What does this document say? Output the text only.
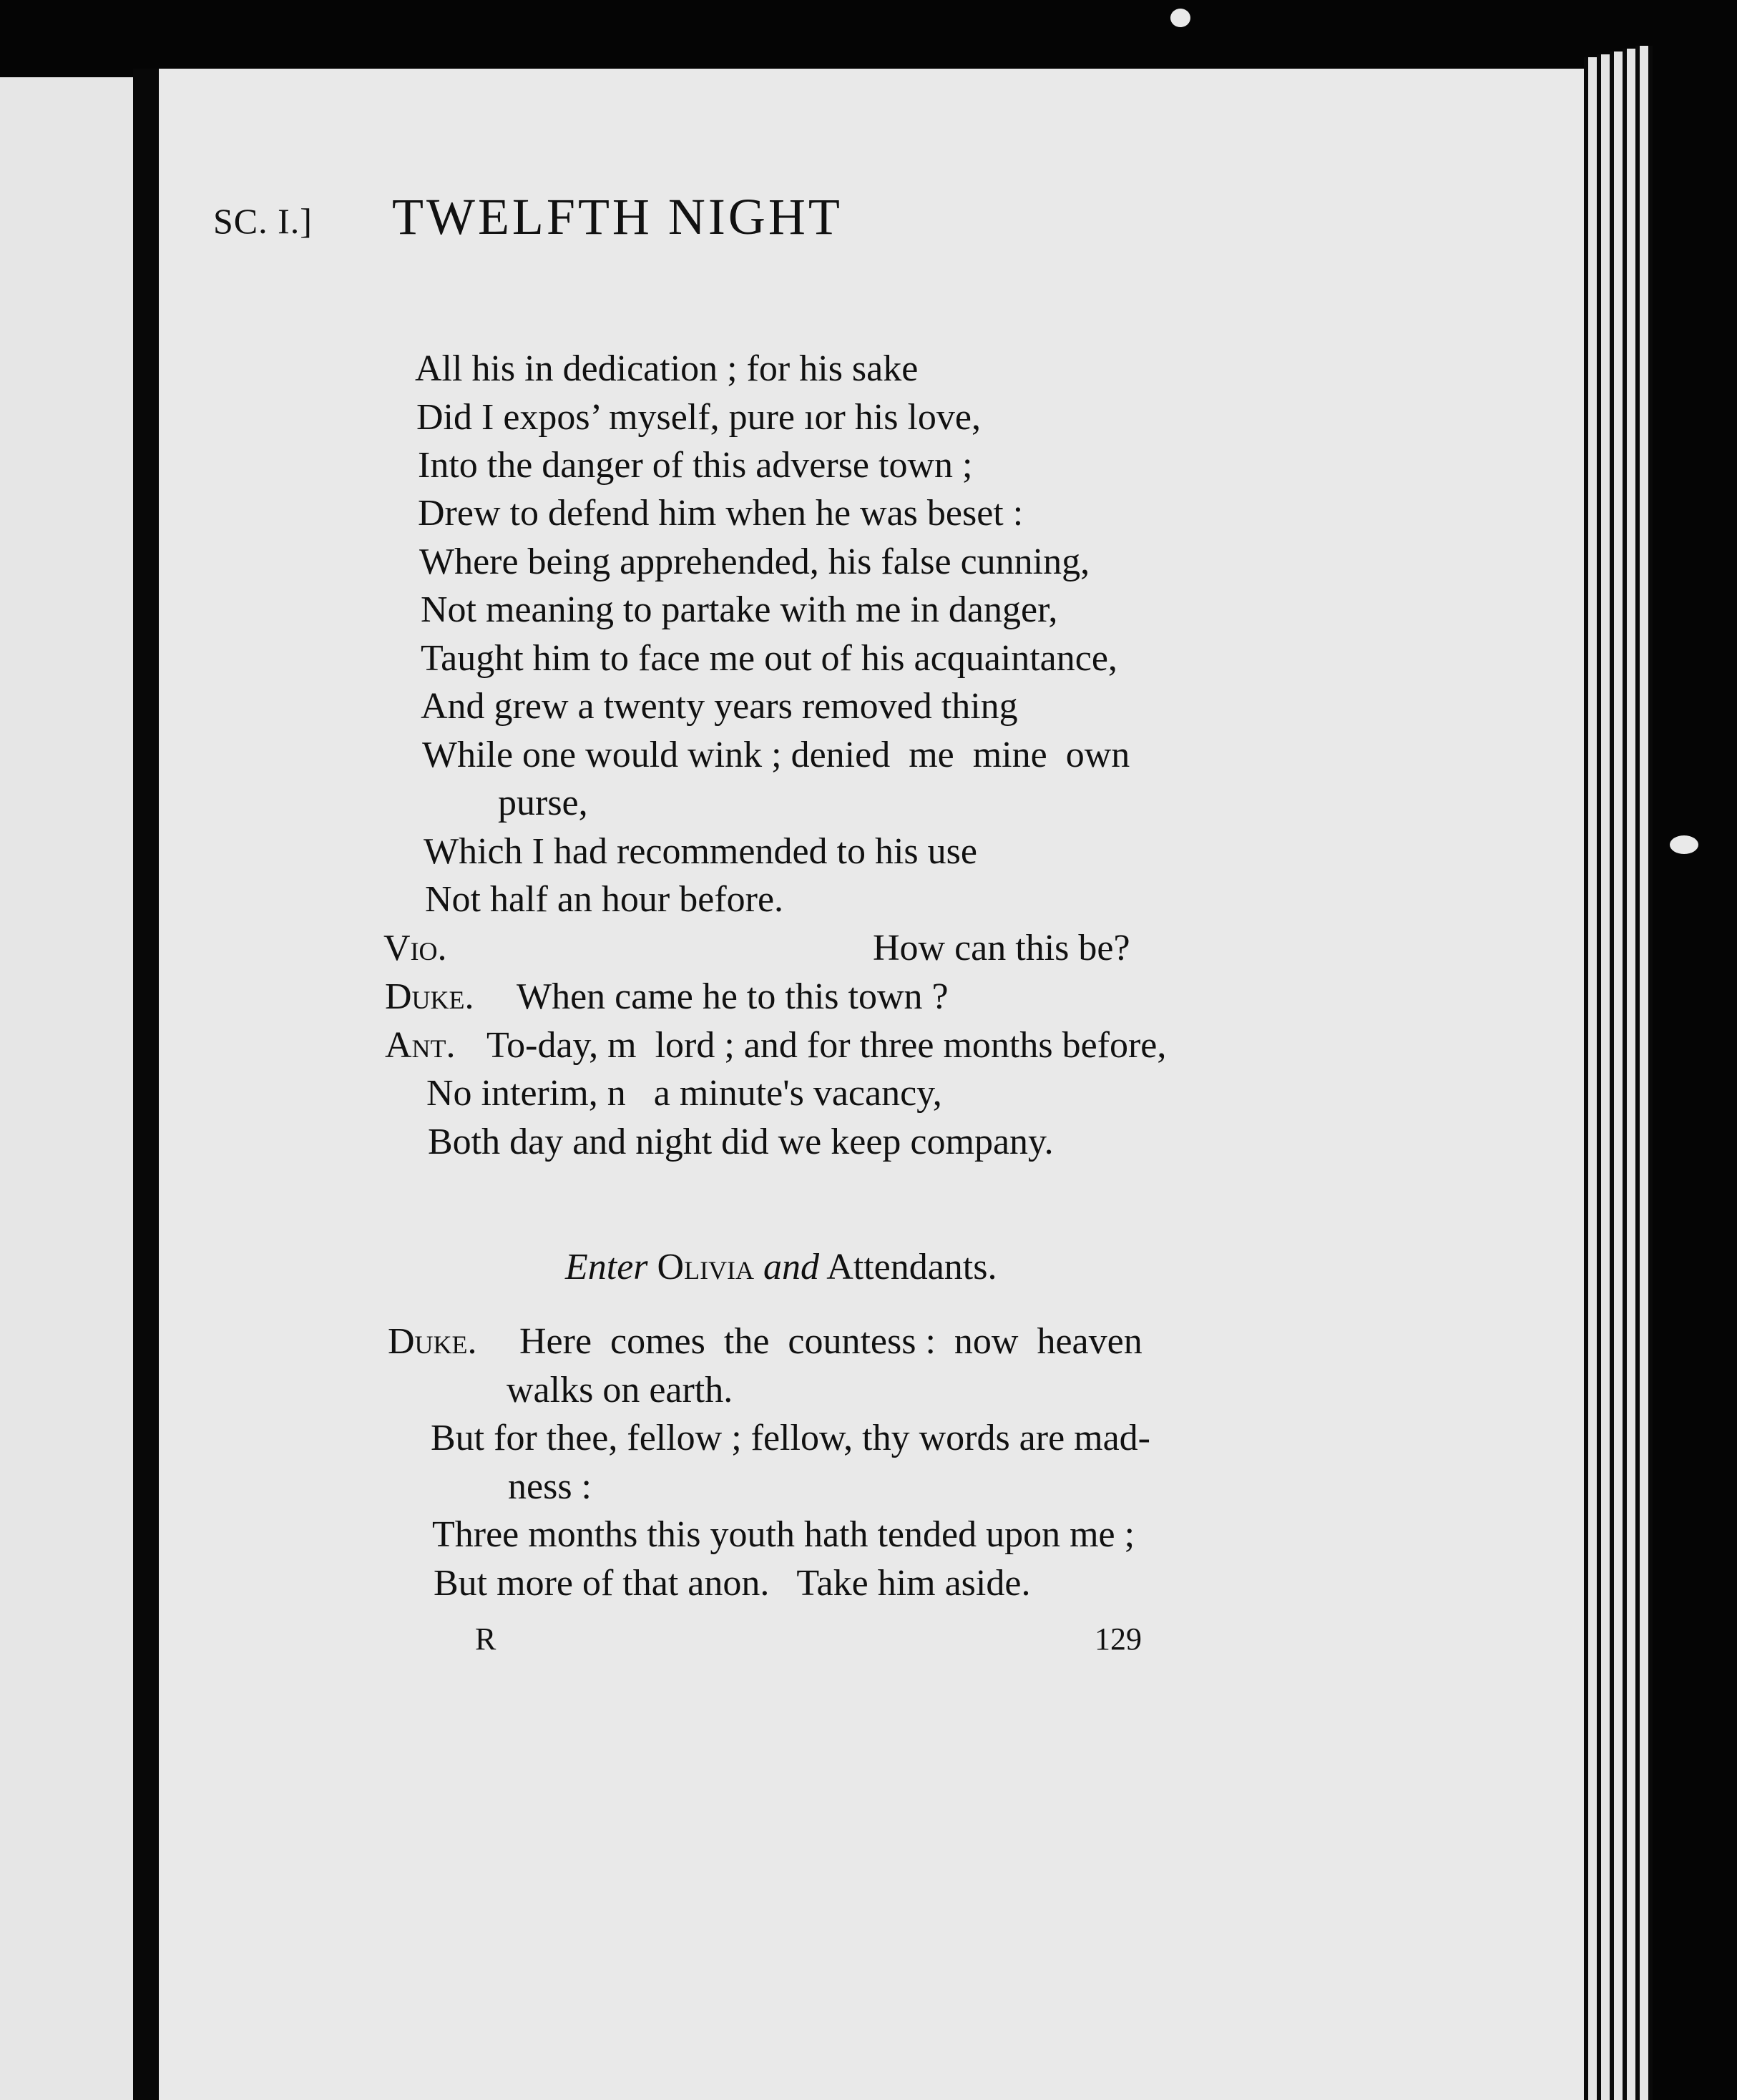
SC. I.] TWELFTH NIGHT
All his in dedication ; for his sake
Did I expos’ myself, pure ıor his love,
Into the danger of this adverse town ;
Drew to defend him when he was beset :
Where being apprehended, his false cunning,
Not meaning to partake with me in danger,
Taught him to face me out of his acquaintance,
And grew a twenty years removed thing
While one would wink ; denied  me  mine  own
purse,
Which I had recommended to his use
Not half an hour before.
Vio.	How can this be?
Duke. When came he to this town ?
Ant. To-day, m  lord ; and for three months before,
No interim, n   a minute's vacancy,
Both day and night did we keep company.
Enter Olivia and Attendants.
Duke. Here  comes  the  countess :  now  heaven
walks on earth.
But for thee, fellow ; fellow, thy words are mad-
ness :
Three months this youth hath tended upon me ;
But more of that anon.   Take him aside.
R	129
